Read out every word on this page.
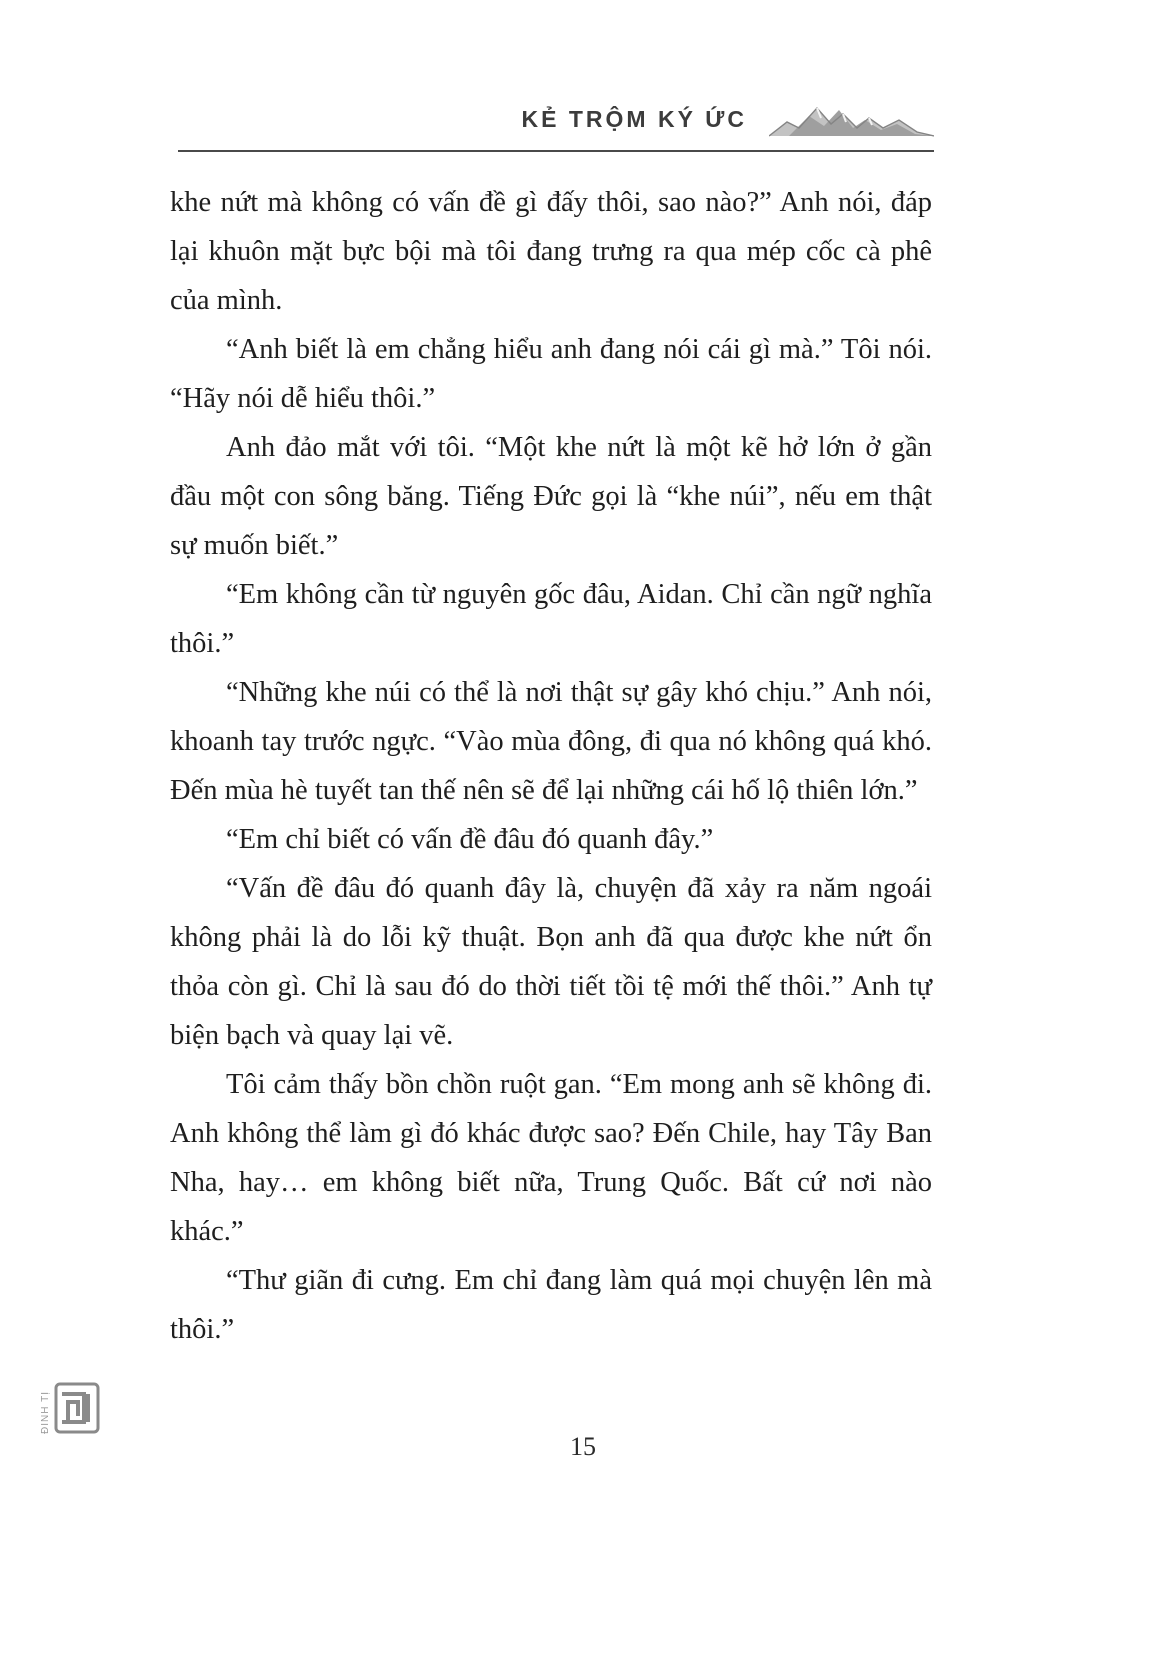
KẺ TRỘM KÝ ỨC

khe nứt mà không có vấn đề gì đấy thôi, sao nào?” Anh nói, đáp lại khuôn mặt bực bội mà tôi đang trưng ra qua mép cốc cà phê của mình.

“Anh biết là em chẳng hiểu anh đang nói cái gì mà.” Tôi nói. “Hãy nói dễ hiểu thôi.”

Anh đảo mắt với tôi. “Một khe nứt là một kẽ hở lớn ở gần đầu một con sông băng. Tiếng Đức gọi là “khe núi”, nếu em thật sự muốn biết.”

“Em không cần từ nguyên gốc đâu, Aidan. Chỉ cần ngữ nghĩa thôi.”

“Những khe núi có thể là nơi thật sự gây khó chịu.” Anh nói, khoanh tay trước ngực. “Vào mùa đông, đi qua nó không quá khó. Đến mùa hè tuyết tan thế nên sẽ để lại những cái hố lộ thiên lớn.”

“Em chỉ biết có vấn đề đâu đó quanh đây.”

“Vấn đề đâu đó quanh đây là, chuyện đã xảy ra năm ngoái không phải là do lỗi kỹ thuật. Bọn anh đã qua được khe nứt ổn thỏa còn gì. Chỉ là sau đó do thời tiết tồi tệ mới thế thôi.” Anh tự biện bạch và quay lại vẽ.

Tôi cảm thấy bồn chồn ruột gan. “Em mong anh sẽ không đi. Anh không thể làm gì đó khác được sao? Đến Chile, hay Tây Ban Nha, hay… em không biết nữa, Trung Quốc. Bất cứ nơi nào khác.”

“Thư giãn đi cưng. Em chỉ đang làm quá mọi chuyện lên mà thôi.”

ĐINH TỊ
15
